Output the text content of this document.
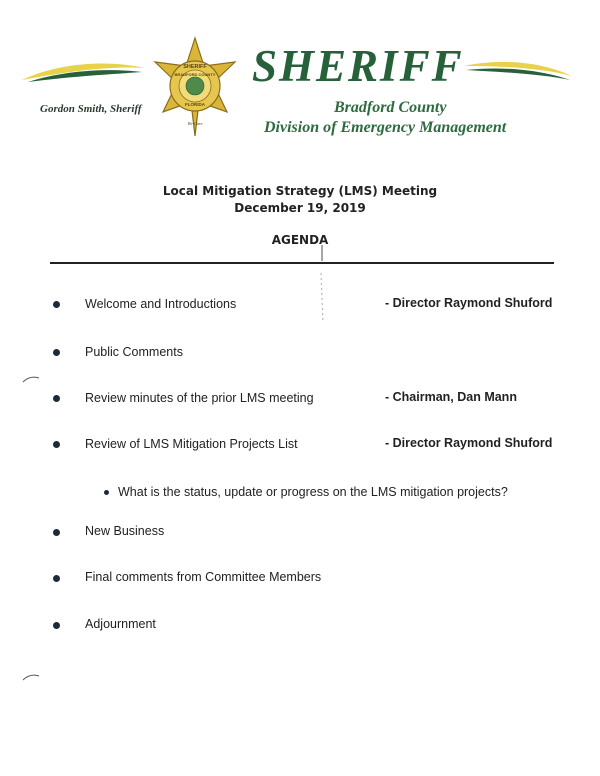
SHERIFF
BRADFORD COUNTY
FLORIDA
We Care
SHERIFF
Gordon Smith, Sheriff	Bradford County
Division of Emergency Management
Local Mitigation Strategy (LMS) Meeting
December 19, 2019
AGENDA
Welcome and Introductions	- Director Raymond Shuford
Public Comments
Review minutes of the prior LMS meeting	- Chairman, Dan Mann
Review of LMS Mitigation Projects List	- Director Raymond Shuford
What is the status, update or progress on the LMS mitigation projects?
New Business
Final comments from Committee Members
Adjournment
